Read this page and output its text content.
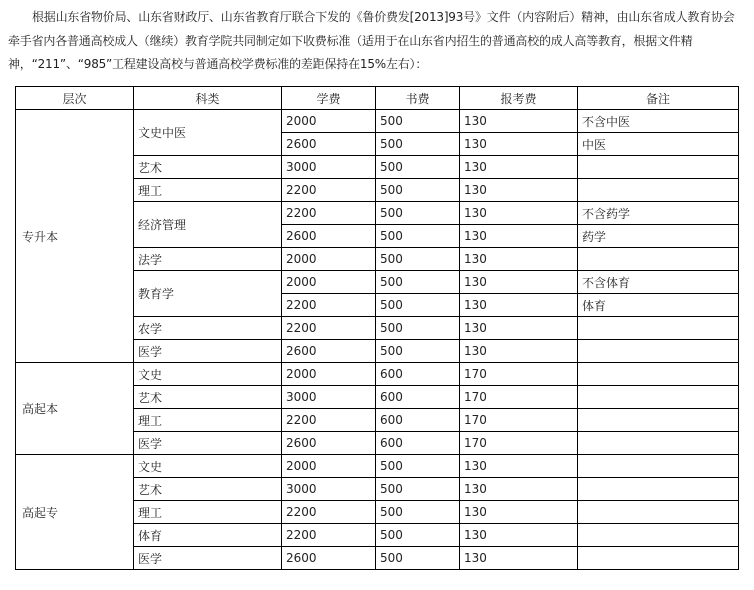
根据山东省物价局、山东省财政厅、山东省教育厅联合下发的《鲁价费发[2013]93号》文件（内容附后）精神，由山东省成人教育协会牵手省内各普通高校成人（继续）教育学院共同制定如下收费标准（适用于在山东省内招生的普通高校的成人高等教育，根据文件精神，“211”、“985”工程建设高校与普通高校学费标准的差距保持在15%左右）：

层次	科类	学费	书费	报考费	备注
专升本	文史中医	2000	500	130	不含中医
		2600	500	130	中医
	艺术	3000	500	130	
	理工	2200	500	130	
	经济管理	2200	500	130	不含药学
		2600	500	130	药学
	法学	2000	500	130	
	教育学	2000	500	130	不含体育
		2200	500	130	体育
	农学	2200	500	130	
	医学	2600	500	130	
高起本	文史	2000	600	170	
	艺术	3000	600	170	
	理工	2200	600	170	
	医学	2600	600	170	
高起专	文史	2000	500	130	
	艺术	3000	500	130	
	理工	2200	500	130	
	体育	2200	500	130	
	医学	2600	500	130	
